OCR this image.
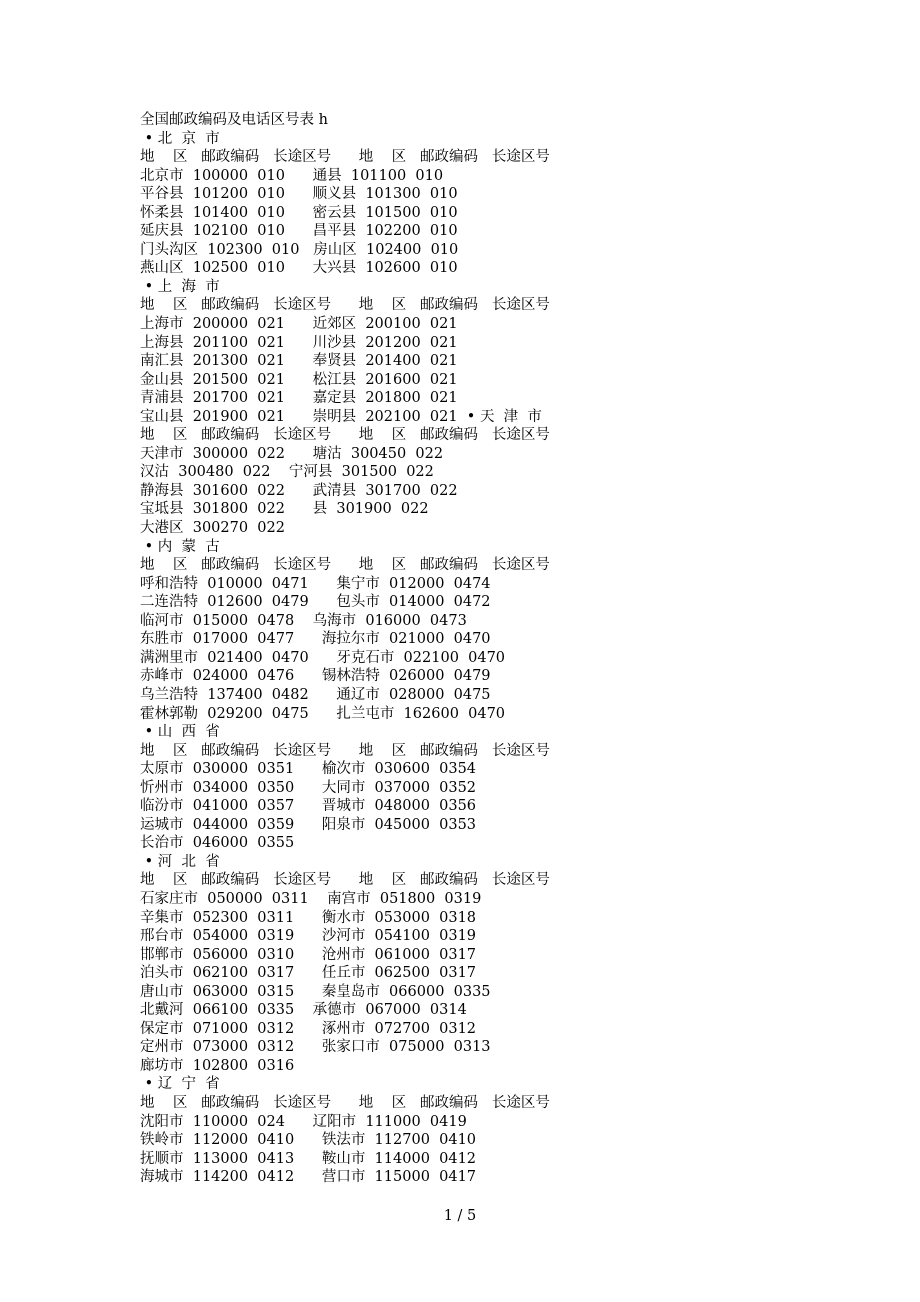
全国邮政编码及电话区号表 h
• 北  京  市
地    区   邮政编码   长途区号      地    区   邮政编码   长途区号
北京市  100000  010      通县  101100  010
平谷县  101200  010      顺义县  101300  010
怀柔县  101400  010      密云县  101500  010
延庆县  102100  010      昌平县  102200  010
门头沟区  102300  010   房山区  102400  010
燕山区  102500  010      大兴县  102600  010
• 上  海  市
地    区   邮政编码   长途区号      地    区   邮政编码   长途区号
上海市  200000  021      近郊区  200100  021
上海县  201100  021      川沙县  201200  021
南汇县  201300  021      奉贤县  201400  021
金山县  201500  021      松江县  201600  021
青浦县  201700  021      嘉定县  201800  021
宝山县  201900  021      崇明县  202100  021  • 天  津  市
地    区   邮政编码   长途区号      地    区   邮政编码   长途区号
天津市  300000  022      塘沽  300450  022
汉沽  300480  022    宁河县  301500  022
静海县  301600  022      武清县  301700  022
宝坻县  301800  022      县  301900  022
大港区  300270  022
• 内  蒙  古
地    区   邮政编码   长途区号      地    区   邮政编码   长途区号
呼和浩特  010000  0471      集宁市  012000  0474
二连浩特  012600  0479      包头市  014000  0472
临河市  015000  0478    乌海市  016000  0473
东胜市  017000  0477      海拉尔市  021000  0470
满洲里市  021400  0470      牙克石市  022100  0470
赤峰市  024000  0476      锡林浩特  026000  0479
乌兰浩特  137400  0482      通辽市  028000  0475
霍林郭勒  029200  0475      扎兰屯市  162600  0470
• 山  西  省
地    区   邮政编码   长途区号      地    区   邮政编码   长途区号
太原市  030000  0351      榆次市  030600  0354
忻州市  034000  0350      大同市  037000  0352
临汾市  041000  0357      晋城市  048000  0356
运城市  044000  0359      阳泉市  045000  0353
长治市  046000  0355
• 河  北  省
地    区   邮政编码   长途区号      地    区   邮政编码   长途区号
石家庄市  050000  0311    南宫市  051800  0319
辛集市  052300  0311      衡水市  053000  0318
邢台市  054000  0319      沙河市  054100  0319
邯郸市  056000  0310      沧州市  061000  0317
泊头市  062100  0317      任丘市  062500  0317
唐山市  063000  0315      秦皇岛市  066000  0335
北戴河  066100  0335    承德市  067000  0314
保定市  071000  0312      涿州市  072700  0312
定州市  073000  0312      张家口市  075000  0313
廊坊市  102800  0316
• 辽  宁  省
地    区   邮政编码   长途区号      地    区   邮政编码   长途区号
沈阳市  110000  024      辽阳市  111000  0419
铁岭市  112000  0410      铁法市  112700  0410
抚顺市  113000  0413      鞍山市  114000  0412
海城市  114200  0412      营口市  115000  0417
1 / 5
